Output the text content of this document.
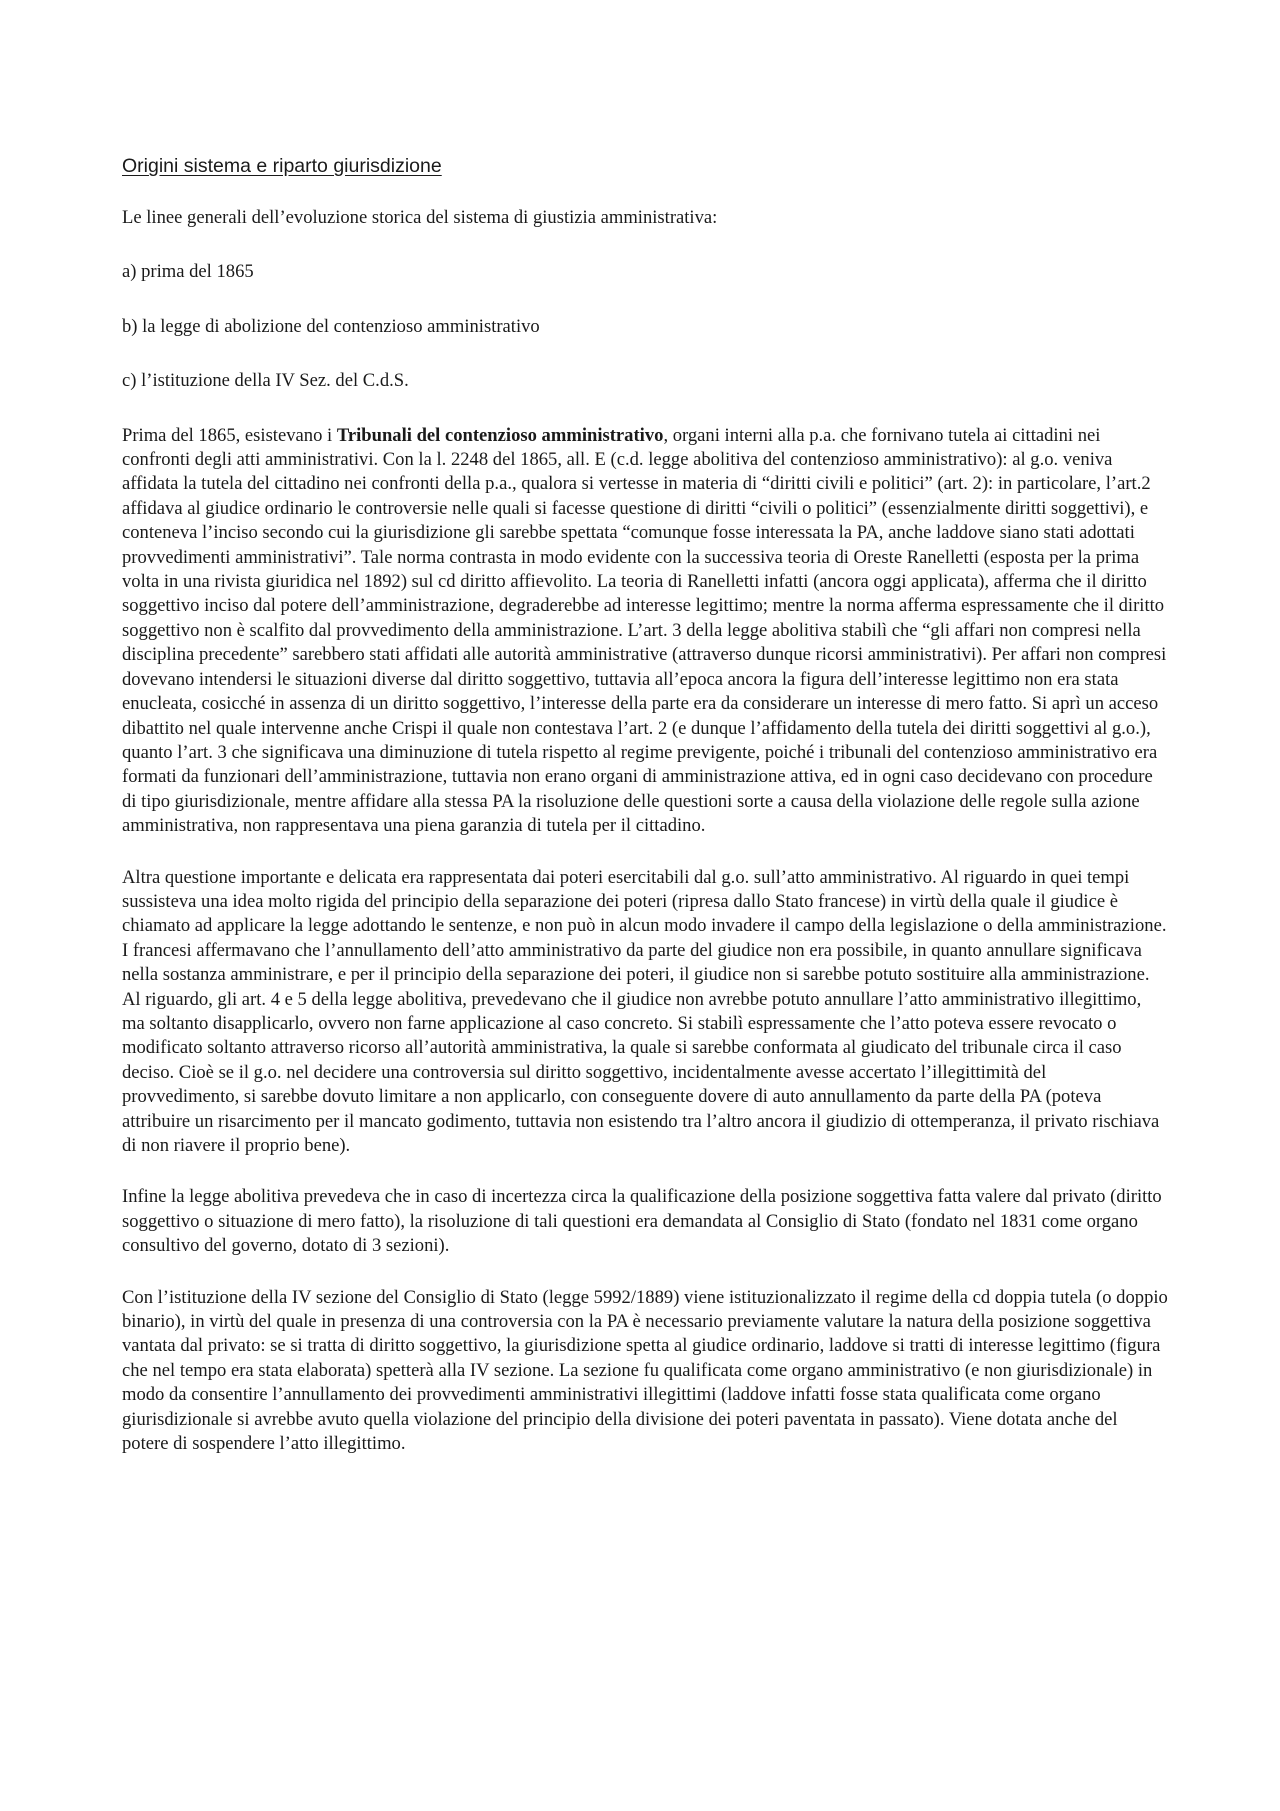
Origini sistema e riparto giurisdizione

Le linee generali dell’evoluzione storica del sistema di giustizia amministrativa:

a) prima del 1865

b) la legge di abolizione del contenzioso amministrativo

c) l’istituzione della IV Sez. del C.d.S.

Prima del 1865, esistevano i Tribunali del contenzioso amministrativo, organi interni alla p.a. che fornivano tutela ai cittadini nei confronti degli atti amministrativi. Con la l. 2248 del 1865, all. E (c.d. legge abolitiva del contenzioso amministrativo): al g.o. veniva affidata la tutela del cittadino nei confronti della p.a., qualora si vertesse in materia di “diritti civili e politici” (art. 2): in particolare, l’art.2 affidava al giudice ordinario le controversie nelle quali si facesse questione di diritti “civili o politici” (essenzialmente diritti soggettivi), e conteneva l’inciso secondo cui la giurisdizione gli sarebbe spettata “comunque fosse interessata la PA, anche laddove siano stati adottati provvedimenti amministrativi”. Tale norma contrasta in modo evidente con la successiva teoria di Oreste Ranelletti (esposta per la prima volta in una rivista giuridica nel 1892) sul cd diritto affievolito. La teoria di Ranelletti infatti (ancora oggi applicata), afferma che il diritto soggettivo inciso dal potere dell’amministrazione, degraderebbe ad interesse legittimo; mentre la norma afferma espressamente che il diritto soggettivo non è scalfito dal provvedimento della amministrazione. L’art. 3 della legge abolitiva stabilì che “gli affari non compresi nella disciplina precedente” sarebbero stati affidati alle autorità amministrative (attraverso dunque ricorsi amministrativi). Per affari non compresi dovevano intendersi le situazioni diverse dal diritto soggettivo, tuttavia all’epoca ancora la figura dell’interesse legittimo non era stata enucleata, cosicché in assenza di un diritto soggettivo, l’interesse della parte era da considerare un interesse di mero fatto. Si aprì un acceso dibattito nel quale intervenne anche Crispi il quale non contestava l’art. 2 (e dunque l’affidamento della tutela dei diritti soggettivi al g.o.), quanto l’art. 3 che significava una diminuzione di tutela rispetto al regime previgente, poiché i tribunali del contenzioso amministrativo era formati da funzionari dell’amministrazione, tuttavia non erano organi di amministrazione attiva, ed in ogni caso decidevano con procedure di tipo giurisdizionale, mentre affidare alla stessa PA la risoluzione delle questioni sorte a causa della violazione delle regole sulla azione amministrativa, non rappresentava una piena garanzia di tutela per il cittadino.

Altra questione importante e delicata era rappresentata dai poteri esercitabili dal g.o. sull’atto amministrativo. Al riguardo in quei tempi sussisteva una idea molto rigida del principio della separazione dei poteri (ripresa dallo Stato francese) in virtù della quale il giudice è chiamato ad applicare la legge adottando le sentenze, e non può in alcun modo invadere il campo della legislazione o della amministrazione. I francesi affermavano che l’annullamento dell’atto amministrativo da parte del giudice non era possibile, in quanto annullare significava nella sostanza amministrare, e per il principio della separazione dei poteri, il giudice non si sarebbe potuto sostituire alla amministrazione. Al riguardo, gli art. 4 e 5 della legge abolitiva, prevedevano che il giudice non avrebbe potuto annullare l’atto amministrativo illegittimo, ma soltanto disapplicarlo, ovvero non farne applicazione al caso concreto. Si stabilì espressamente che l’atto poteva essere revocato o modificato soltanto attraverso ricorso all’autorità amministrativa, la quale si sarebbe conformata al giudicato del tribunale circa il caso deciso. Cioè se il g.o. nel decidere una controversia sul diritto soggettivo, incidentalmente avesse accertato l’illegittimità del provvedimento, si sarebbe dovuto limitare a non applicarlo, con conseguente dovere di auto annullamento da parte della PA (poteva attribuire un risarcimento per il mancato godimento, tuttavia non esistendo tra l’altro ancora il giudizio di ottemperanza, il privato rischiava di non riavere il proprio bene).

Infine la legge abolitiva prevedeva che in caso di incertezza circa la qualificazione della posizione soggettiva fatta valere dal privato (diritto soggettivo o situazione di mero fatto), la risoluzione di tali questioni era demandata al Consiglio di Stato (fondato nel 1831 come organo consultivo del governo, dotato di 3 sezioni).

Con l’istituzione della IV sezione del Consiglio di Stato (legge 5992/1889) viene istituzionalizzato il regime della cd doppia tutela (o doppio binario), in virtù del quale in presenza di una controversia con la PA è necessario previamente valutare la natura della posizione soggettiva vantata dal privato: se si tratta di diritto soggettivo, la giurisdizione spetta al giudice ordinario, laddove si tratti di interesse legittimo (figura che nel tempo era stata elaborata) spetterà alla IV sezione. La sezione fu qualificata come organo amministrativo (e non giurisdizionale) in modo da consentire l’annullamento dei provvedimenti amministrativi illegittimi (laddove infatti fosse stata qualificata come organo giurisdizionale si avrebbe avuto quella violazione del principio della divisione dei poteri paventata in passato). Viene dotata anche del potere di sospendere l’atto illegittimo.
